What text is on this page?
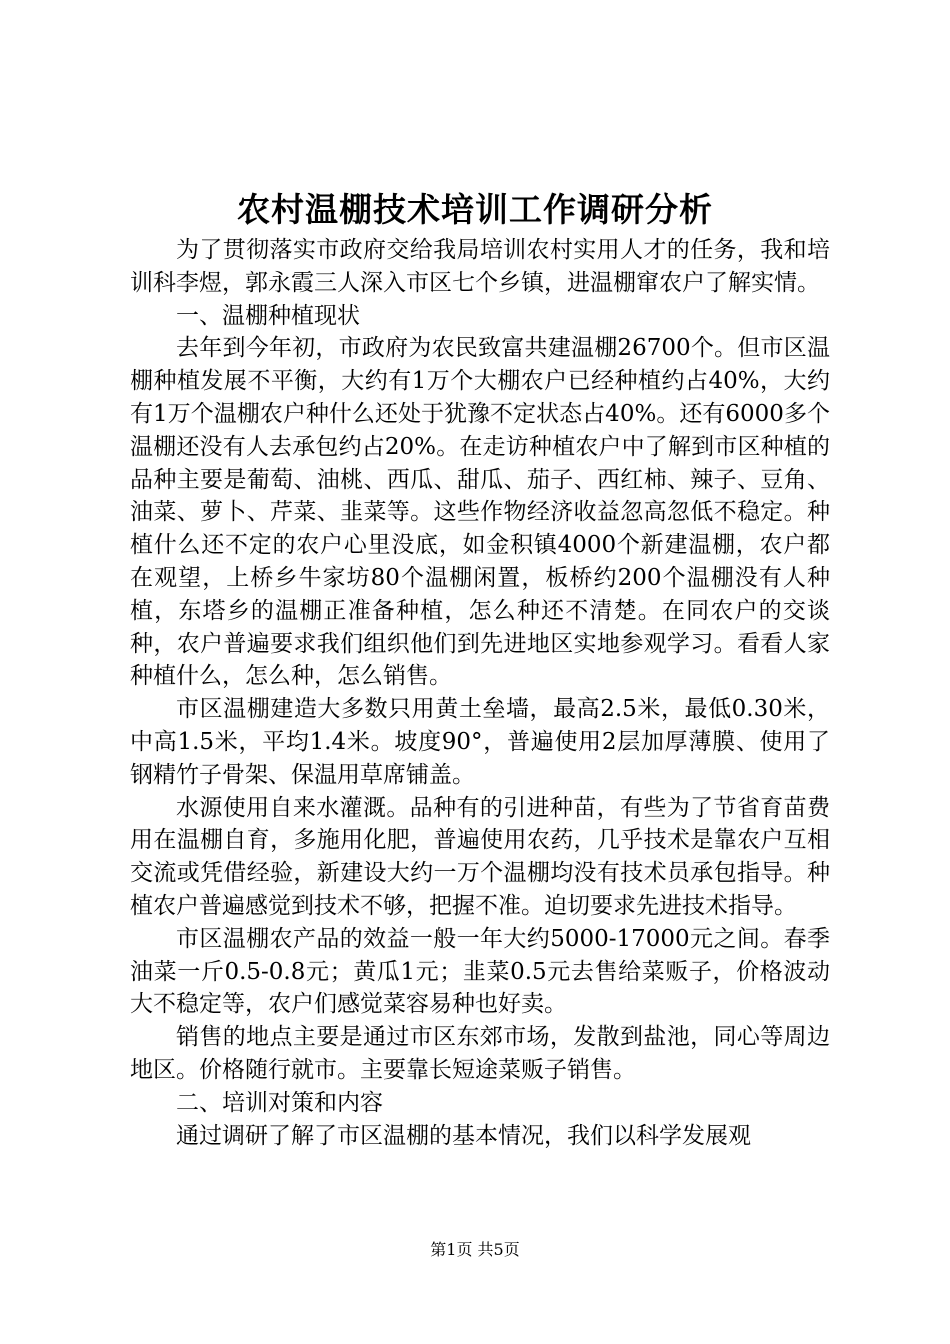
农村温棚技术培训工作调研分析

为了贯彻落实市政府交给我局培训农村实用人才的任务，我和培训科李煜，郭永霞三人深入市区七个乡镇，进温棚窜农户了解实情。

一、温棚种植现状

去年到今年初，市政府为农民致富共建温棚26700个。但市区温棚种植发展不平衡，大约有1万个大棚农户已经种植约占40%，大约有1万个温棚农户种什么还处于犹豫不定状态占40%。还有6000多个温棚还没有人去承包约占20%。在走访种植农户中了解到市区种植的品种主要是葡萄、油桃、西瓜、甜瓜、茄子、西红柿、辣子、豆角、油菜、萝卜、芹菜、韭菜等。这些作物经济收益忽高忽低不稳定。种植什么还不定的农户心里没底，如金积镇4000个新建温棚，农户都在观望，上桥乡牛家坊80个温棚闲置，板桥约200个温棚没有人种植，东塔乡的温棚正准备种植，怎么种还不清楚。在同农户的交谈种，农户普遍要求我们组织他们到先进地区实地参观学习。看看人家种植什么，怎么种，怎么销售。

市区温棚建造大多数只用黄土垒墙，最高2.5米，最低0.30米，中高1.5米，平均1.4米。坡度90°，普遍使用2层加厚薄膜、使用了钢精竹子骨架、保温用草席铺盖。

水源使用自来水灌溉。品种有的引进种苗，有些为了节省育苗费用在温棚自育，多施用化肥，普遍使用农药，几乎技术是靠农户互相交流或凭借经验，新建设大约一万个温棚均没有技术员承包指导。种植农户普遍感觉到技术不够，把握不准。迫切要求先进技术指导。

市区温棚农产品的效益一般一年大约5000-17000元之间。春季油菜一斤0.5-0.8元；黄瓜1元；韭菜0.5元去售给菜贩子，价格波动大不稳定等，农户们感觉菜容易种也好卖。

销售的地点主要是通过市区东郊市场，发散到盐池，同心等周边地区。价格随行就市。主要靠长短途菜贩子销售。

二、培训对策和内容

通过调研了解了市区温棚的基本情况，我们以科学发展观

第1页 共5页
